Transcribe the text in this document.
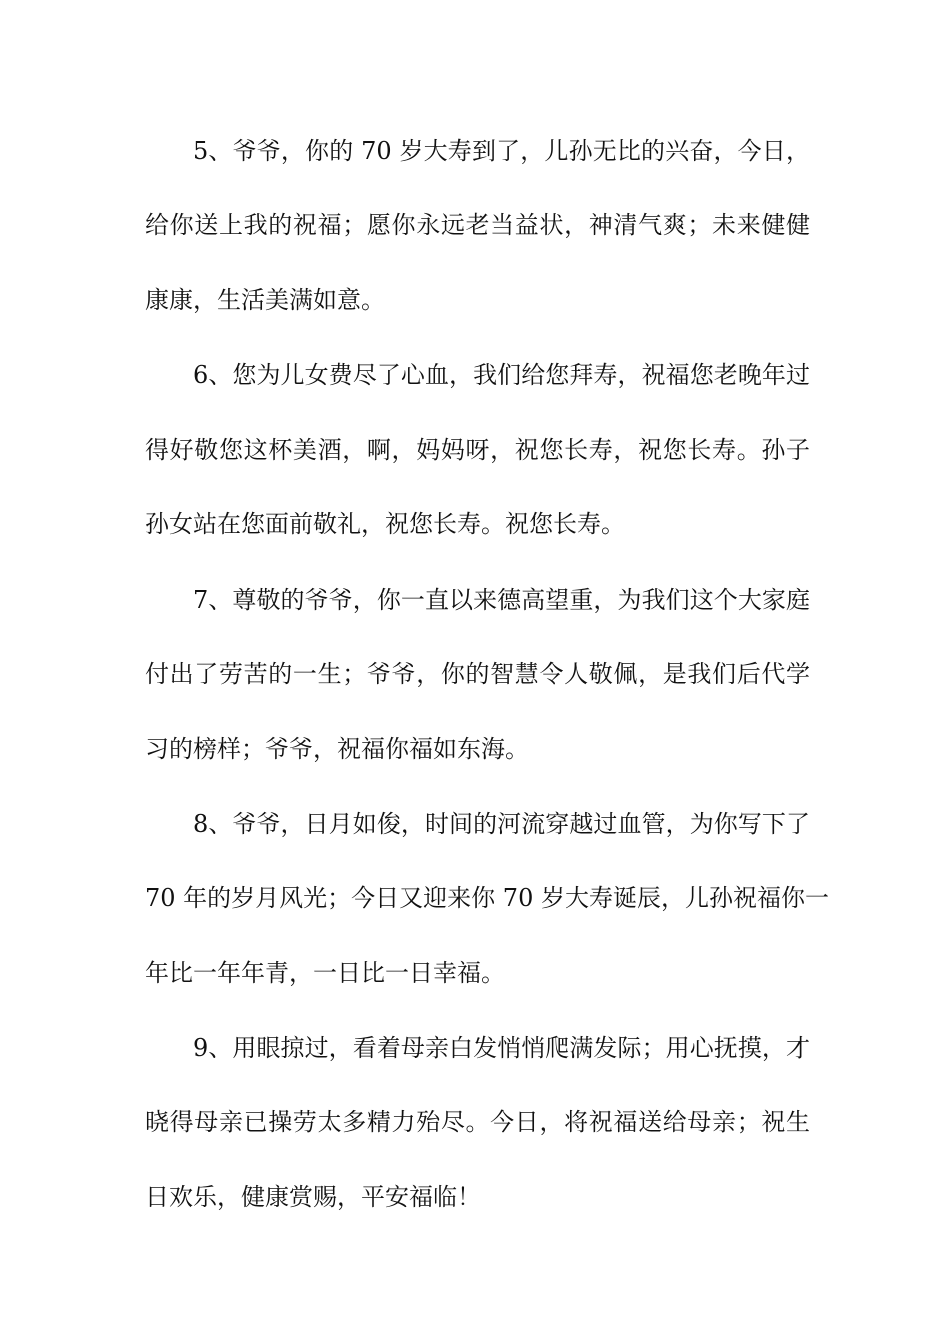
5、爷爷，你的 70 岁大寿到了，儿孙无比的兴奋，今日，
给你送上我的祝福；愿你永远老当益状，神清气爽；未来健健
康康，生活美满如意。
6、您为儿女费尽了心血，我们给您拜寿，祝福您老晚年过
得好敬您这杯美酒，啊，妈妈呀，祝您长寿，祝您长寿。孙子
孙女站在您面前敬礼，祝您长寿。祝您长寿。
7、尊敬的爷爷，你一直以来德高望重，为我们这个大家庭
付出了劳苦的一生；爷爷，你的智慧令人敬佩，是我们后代学
习的榜样；爷爷，祝福你福如东海。
8、爷爷，日月如俊，时间的河流穿越过血管，为你写下了
70 年的岁月风光；今日又迎来你 70 岁大寿诞辰，儿孙祝福你一
年比一年年青，一日比一日幸福。
9、用眼掠过，看着母亲白发悄悄爬满发际；用心抚摸，才
晓得母亲已操劳太多精力殆尽。今日，将祝福送给母亲；祝生
日欢乐，健康赏赐，平安福临！
